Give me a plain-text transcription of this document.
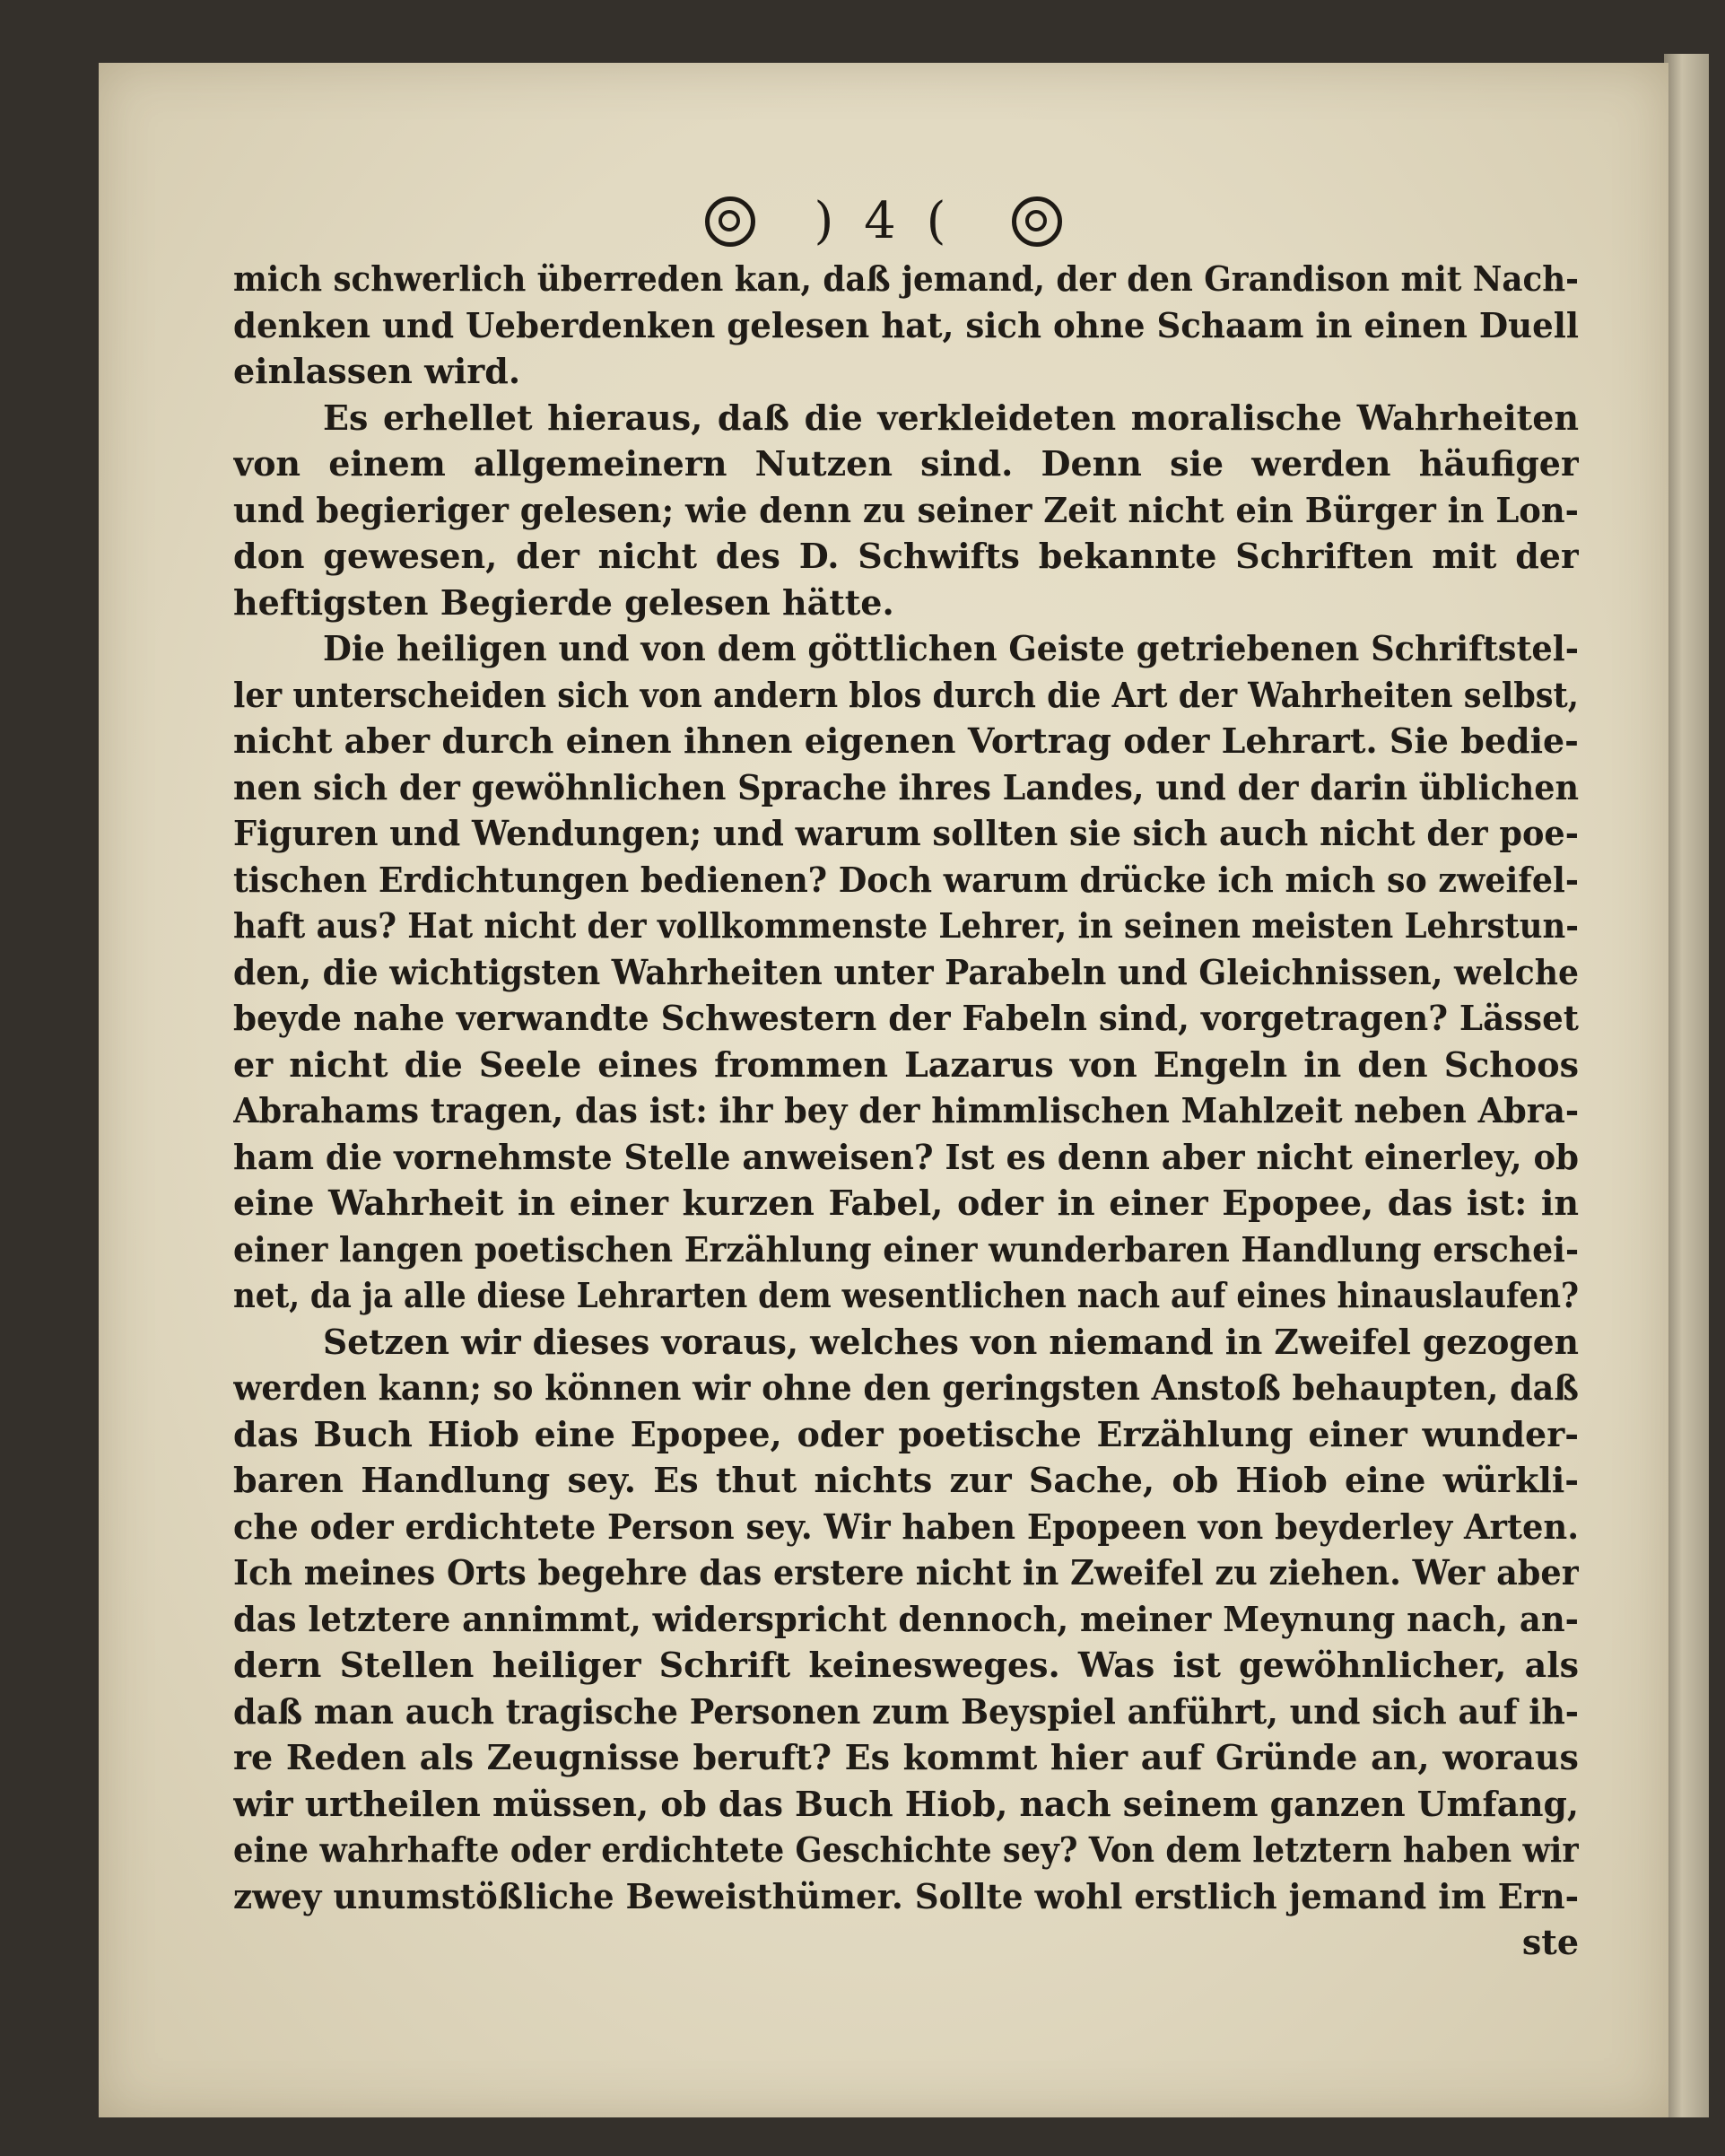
) 4 (
mich schwerlich überreden kan, daß jemand, der den Grandison mit Nach-
denken und Ueberdenken gelesen hat, sich ohne Schaam in einen Duell
einlassen wird.
Es erhellet hieraus, daß die verkleideten moralische Wahrheiten
von einem allgemeinern Nutzen sind. Denn sie werden häufiger
und begieriger gelesen; wie denn zu seiner Zeit nicht ein Bürger in Lon-
don gewesen, der nicht des D. Schwifts bekannte Schriften mit der
heftigsten Begierde gelesen hätte.
Die heiligen und von dem göttlichen Geiste getriebenen Schriftstel-
ler unterscheiden sich von andern blos durch die Art der Wahrheiten selbst,
nicht aber durch einen ihnen eigenen Vortrag oder Lehrart. Sie bedie-
nen sich der gewöhnlichen Sprache ihres Landes, und der darin üblichen
Figuren und Wendungen; und warum sollten sie sich auch nicht der poe-
tischen Erdichtungen bedienen? Doch warum drücke ich mich so zweifel-
haft aus? Hat nicht der vollkommenste Lehrer, in seinen meisten Lehrstun-
den, die wichtigsten Wahrheiten unter Parabeln und Gleichnissen, welche
beyde nahe verwandte Schwestern der Fabeln sind, vorgetragen? Lässet
er nicht die Seele eines frommen Lazarus von Engeln in den Schoos
Abrahams tragen, das ist: ihr bey der himmlischen Mahlzeit neben Abra-
ham die vornehmste Stelle anweisen? Ist es denn aber nicht einerley, ob
eine Wahrheit in einer kurzen Fabel, oder in einer Epopee, das ist: in
einer langen poetischen Erzählung einer wunderbaren Handlung erschei-
net, da ja alle diese Lehrarten dem wesentlichen nach auf eines hinauslaufen?
Setzen wir dieses voraus, welches von niemand in Zweifel gezogen
werden kann; so können wir ohne den geringsten Anstoß behaupten, daß
das Buch Hiob eine Epopee, oder poetische Erzählung einer wunder-
baren Handlung sey. Es thut nichts zur Sache, ob Hiob eine würkli-
che oder erdichtete Person sey. Wir haben Epopeen von beyderley Arten.
Ich meines Orts begehre das erstere nicht in Zweifel zu ziehen. Wer aber
das letztere annimmt, widerspricht dennoch, meiner Meynung nach, an-
dern Stellen heiliger Schrift keinesweges. Was ist gewöhnlicher, als
daß man auch tragische Personen zum Beyspiel anführt, und sich auf ih-
re Reden als Zeugnisse beruft? Es kommt hier auf Gründe an, woraus
wir urtheilen müssen, ob das Buch Hiob, nach seinem ganzen Umfang,
eine wahrhafte oder erdichtete Geschichte sey? Von dem letztern haben wir
zwey unumstößliche Beweisthümer. Sollte wohl erstlich jemand im Ern-
ste
